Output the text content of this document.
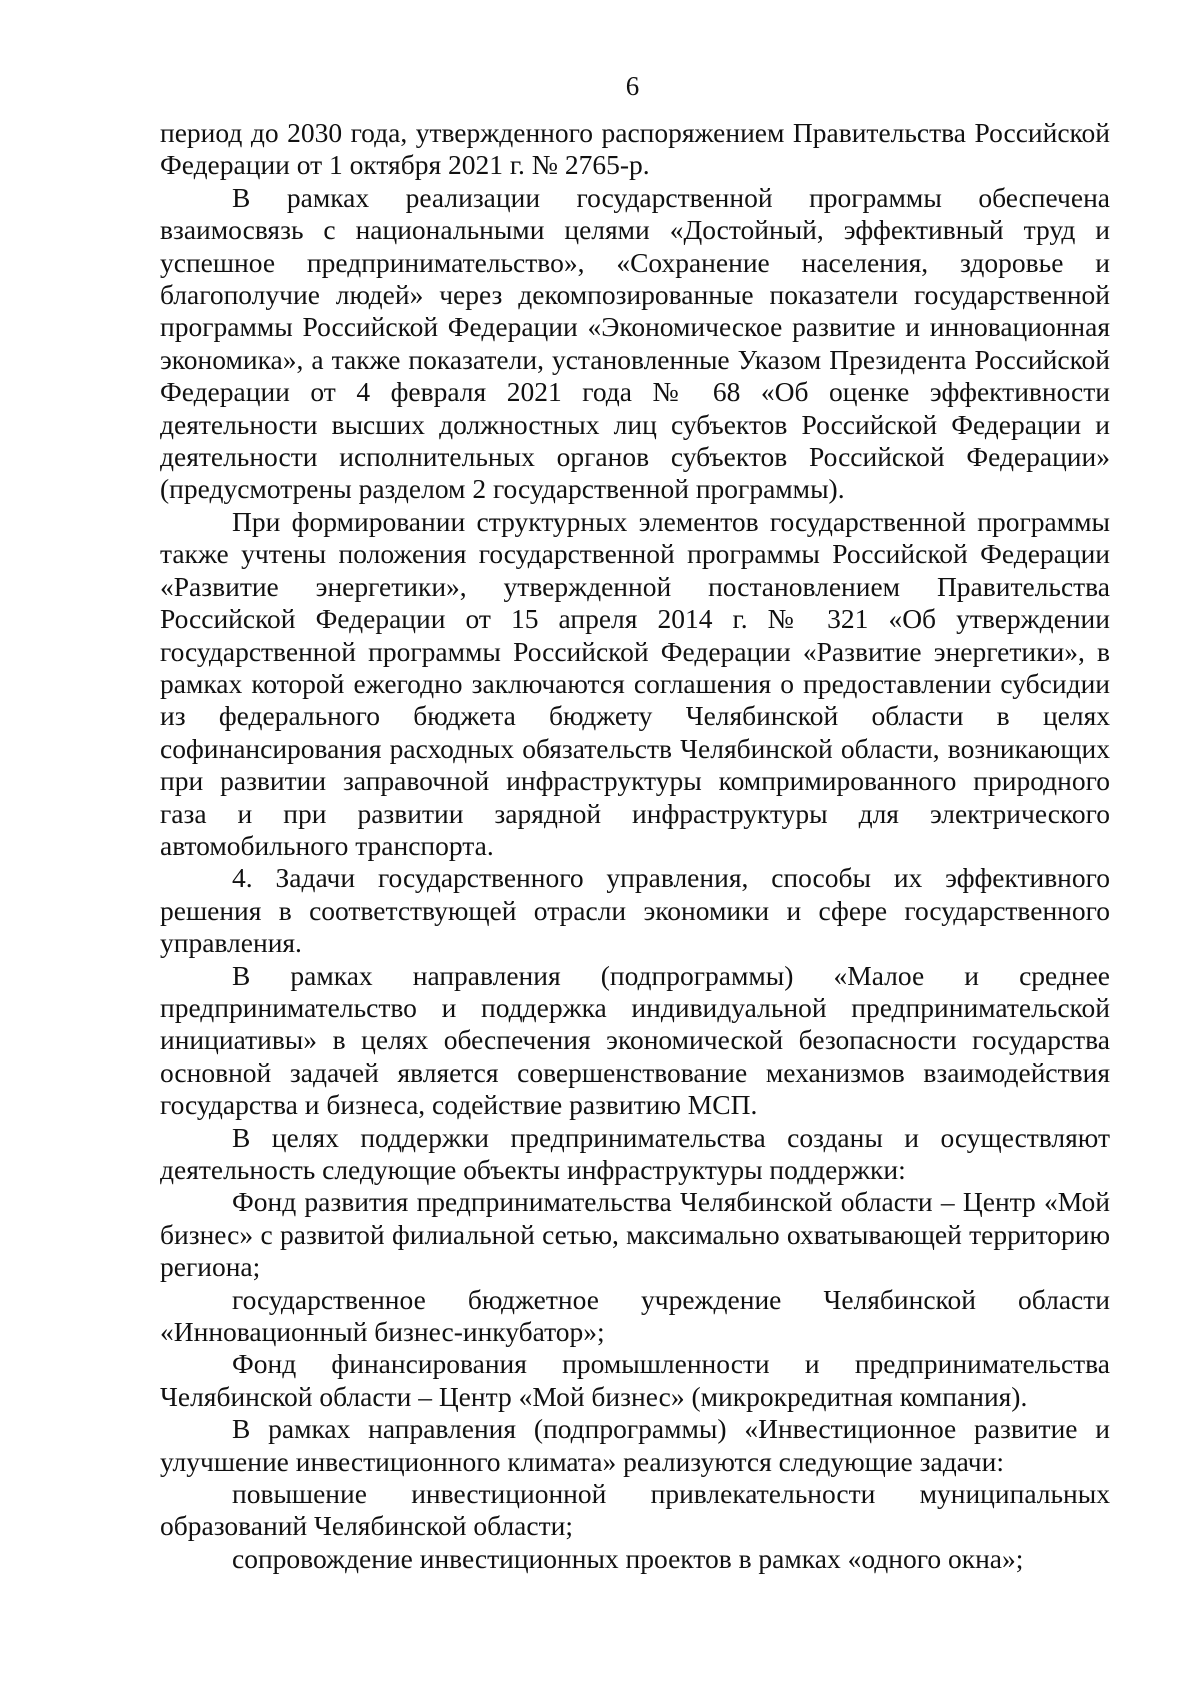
6

период до 2030 года, утвержденного распоряжением Правительства Российской Федерации от 1 октября 2021 г. № 2765-р.

В рамках реализации государственной программы обеспечена взаимосвязь с национальными целями «Достойный, эффективный труд и успешное предпринимательство», «Сохранение населения, здоровье и благополучие людей» через декомпозированные показатели государственной программы Российской Федерации «Экономическое развитие и инновационная экономика», а также показатели, установленные Указом Президента Российской Федерации от 4 февраля 2021 года № 68 «Об оценке эффективности деятельности высших должностных лиц субъектов Российской Федерации и деятельности исполнительных органов субъектов Российской Федерации» (предусмотрены разделом 2 государственной программы).

При формировании структурных элементов государственной программы также учтены положения государственной программы Российской Федерации «Развитие энергетики», утвержденной постановлением Правительства Российской Федерации от 15 апреля 2014 г. № 321 «Об утверждении государственной программы Российской Федерации «Развитие энергетики», в рамках которой ежегодно заключаются соглашения о предоставлении субсидии из федерального бюджета бюджету Челябинской области в целях софинансирования расходных обязательств Челябинской области, возникающих при развитии заправочной инфраструктуры компримированного природного газа и при развитии зарядной инфраструктуры для электрического автомобильного транспорта.

4. Задачи государственного управления, способы их эффективного решения в соответствующей отрасли экономики и сфере государственного управления.

В рамках направления (подпрограммы) «Малое и среднее предпринимательство и поддержка индивидуальной предпринимательской инициативы» в целях обеспечения экономической безопасности государства основной задачей является совершенствование механизмов взаимодействия государства и бизнеса, содействие развитию МСП.

В целях поддержки предпринимательства созданы и осуществляют деятельность следующие объекты инфраструктуры поддержки:

Фонд развития предпринимательства Челябинской области – Центр «Мой бизнес» с развитой филиальной сетью, максимально охватывающей территорию региона;

государственное бюджетное учреждение Челябинской области «Инновационный бизнес-инкубатор»;

Фонд финансирования промышленности и предпринимательства Челябинской области – Центр «Мой бизнес» (микрокредитная компания).

В рамках направления (подпрограммы) «Инвестиционное развитие и улучшение инвестиционного климата» реализуются следующие задачи:

повышение инвестиционной привлекательности муниципальных образований Челябинской области;

сопровождение инвестиционных проектов в рамках «одного окна»;
